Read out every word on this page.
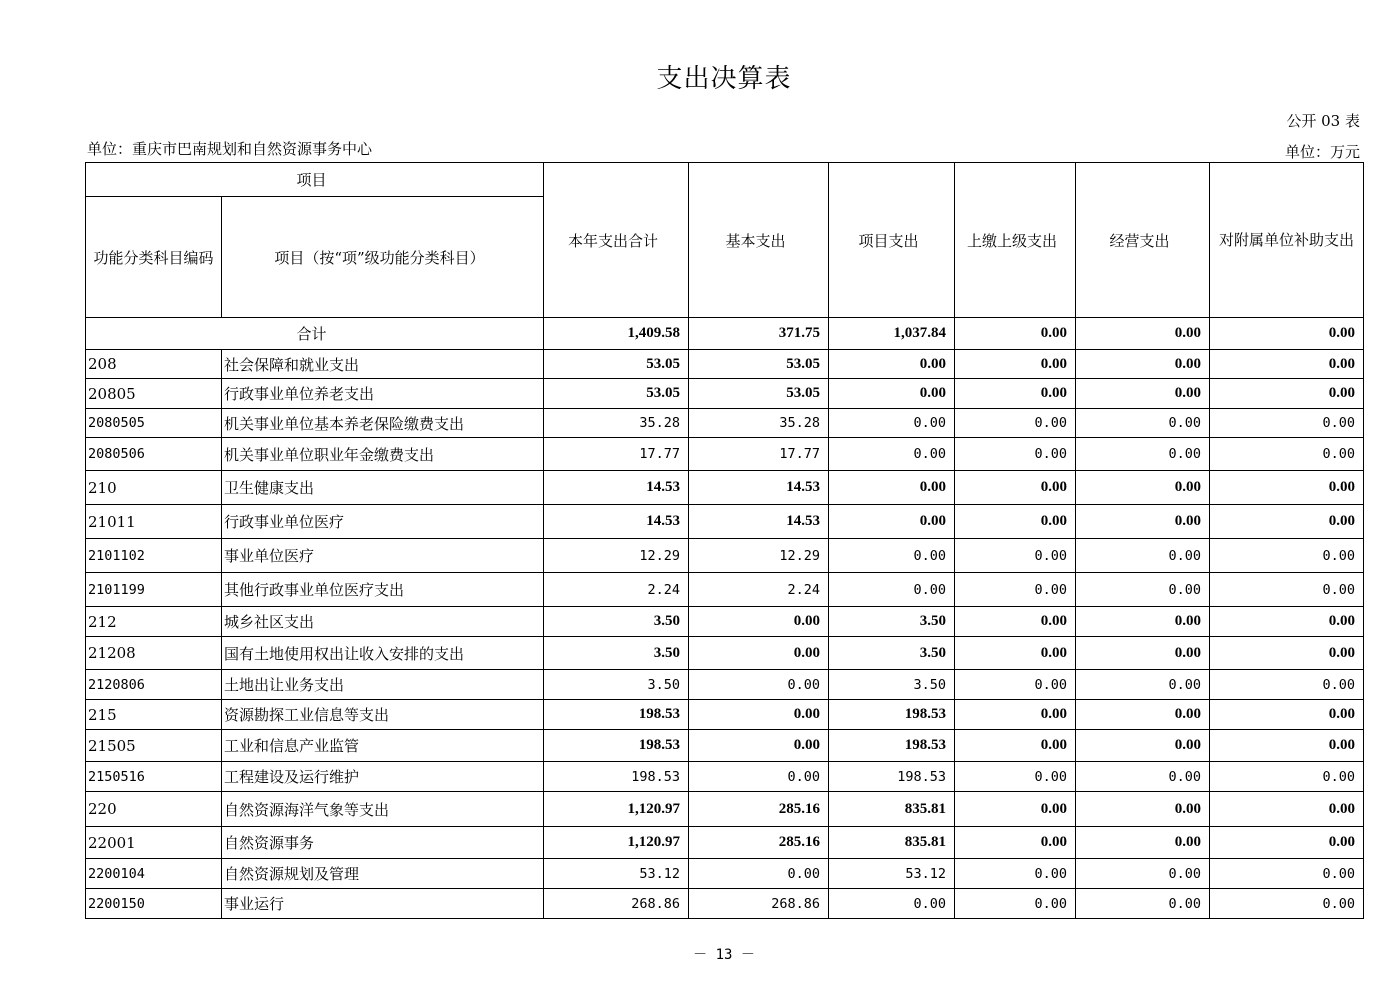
支出决算表
公开 03 表
单位：重庆市巴南规划和自然资源事务中心	单位：万元
项目		本年支出合计	基本支出	项目支出	上缴上级支出	经营支出	对附属单位补助支出
功能分类科目编码	项目（按“项”级功能分类科目）						
合计		1,409.58	371.75	1,037.84	0.00	0.00	0.00
208	社会保障和就业支出	53.05	53.05	0.00	0.00	0.00	0.00
20805	行政事业单位养老支出	53.05	53.05	0.00	0.00	0.00	0.00
2080505	机关事业单位基本养老保险缴费支出	35.28	35.28	0.00	0.00	0.00	0.00
2080506	机关事业单位职业年金缴费支出	17.77	17.77	0.00	0.00	0.00	0.00
210	卫生健康支出	14.53	14.53	0.00	0.00	0.00	0.00
21011	行政事业单位医疗	14.53	14.53	0.00	0.00	0.00	0.00
2101102	事业单位医疗	12.29	12.29	0.00	0.00	0.00	0.00
2101199	其他行政事业单位医疗支出	2.24	2.24	0.00	0.00	0.00	0.00
212	城乡社区支出	3.50	0.00	3.50	0.00	0.00	0.00
21208	国有土地使用权出让收入安排的支出	3.50	0.00	3.50	0.00	0.00	0.00
2120806	土地出让业务支出	3.50	0.00	3.50	0.00	0.00	0.00
215	资源勘探工业信息等支出	198.53	0.00	198.53	0.00	0.00	0.00
21505	工业和信息产业监管	198.53	0.00	198.53	0.00	0.00	0.00
2150516	工程建设及运行维护	198.53	0.00	198.53	0.00	0.00	0.00
220	自然资源海洋气象等支出	1,120.97	285.16	835.81	0.00	0.00	0.00
22001	自然资源事务	1,120.97	285.16	835.81	0.00	0.00	0.00
2200104	自然资源规划及管理	53.12	0.00	53.12	0.00	0.00	0.00
2200150	事业运行	268.86	268.86	0.00	0.00	0.00	0.00
－ 13 －
